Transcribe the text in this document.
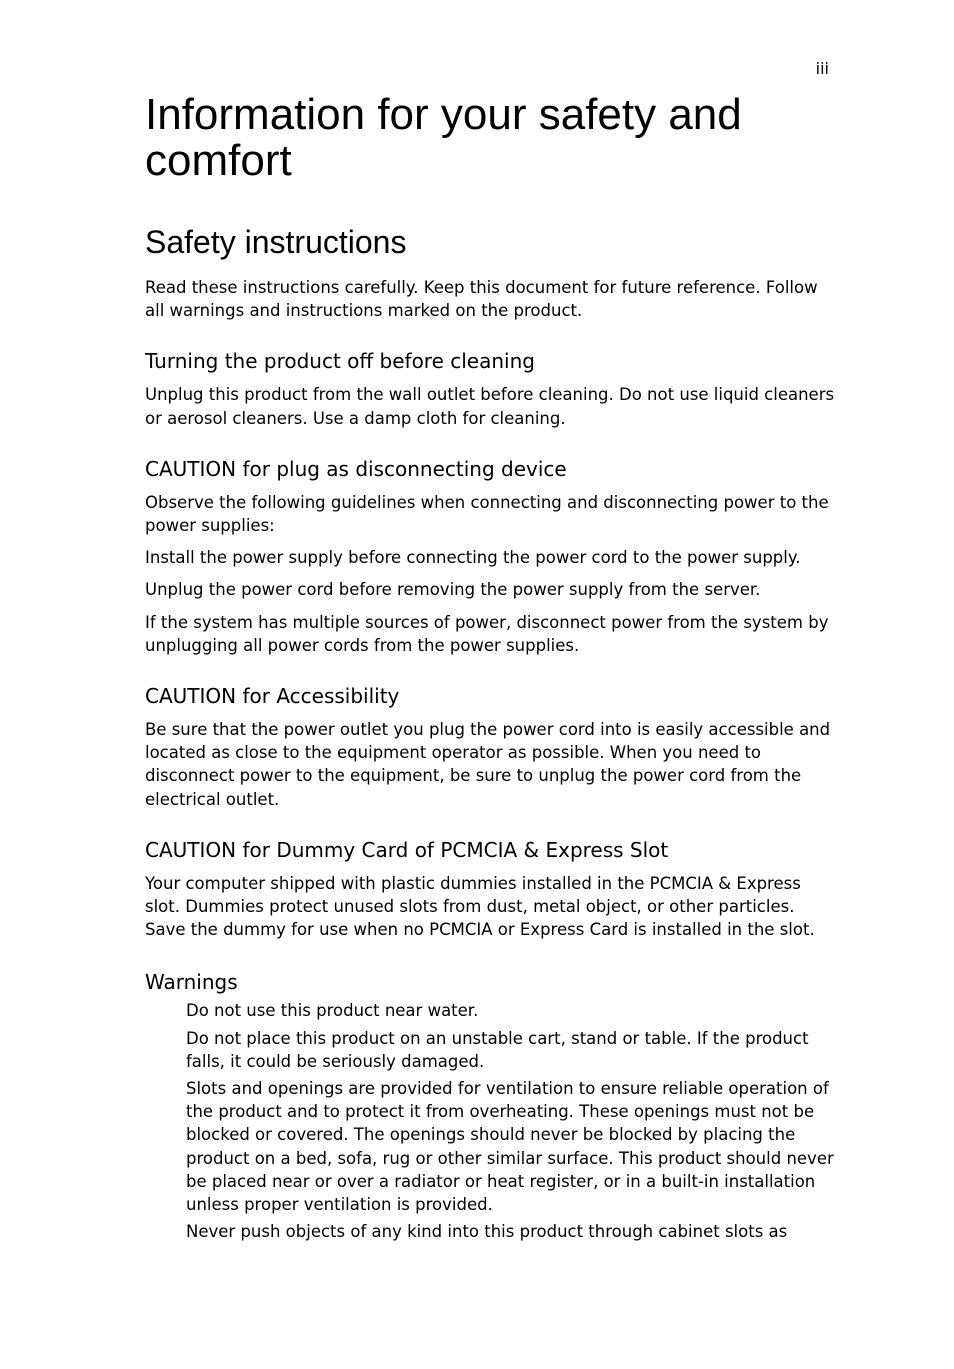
iii
Information for your safety and comfort
Safety instructions

Read these instructions carefully. Keep this document for future reference. Follow all warnings and instructions marked on the product.

Turning the product off before cleaning

Unplug this product from the wall outlet before cleaning. Do not use liquid cleaners or aerosol cleaners. Use a damp cloth for cleaning.

CAUTION for plug as disconnecting device

Observe the following guidelines when connecting and disconnecting power to the power supplies:

Install the power supply before connecting the power cord to the power supply.

Unplug the power cord before removing the power supply from the server.

If the system has multiple sources of power, disconnect power from the system by unplugging all power cords from the power supplies.

CAUTION for Accessibility

Be sure that the power outlet you plug the power cord into is easily accessible and located as close to the equipment operator as possible. When you need to disconnect power to the equipment, be sure to unplug the power cord from the electrical outlet.

CAUTION for Dummy Card of PCMCIA & Express Slot

Your computer shipped with plastic dummies installed in the PCMCIA & Express slot. Dummies protect unused slots from dust, metal object, or other particles. Save the dummy for use when no PCMCIA or Express Card is installed in the slot.

Warnings
Do not use this product near water.
Do not place this product on an unstable cart, stand or table. If the product falls, it could be seriously damaged.
Slots and openings are provided for ventilation to ensure reliable operation of the product and to protect it from overheating. These openings must not be blocked or covered. The openings should never be blocked by placing the product on a bed, sofa, rug or other similar surface. This product should never be placed near or over a radiator or heat register, or in a built-in installation unless proper ventilation is provided.
Never push objects of any kind into this product through cabinet slots as
